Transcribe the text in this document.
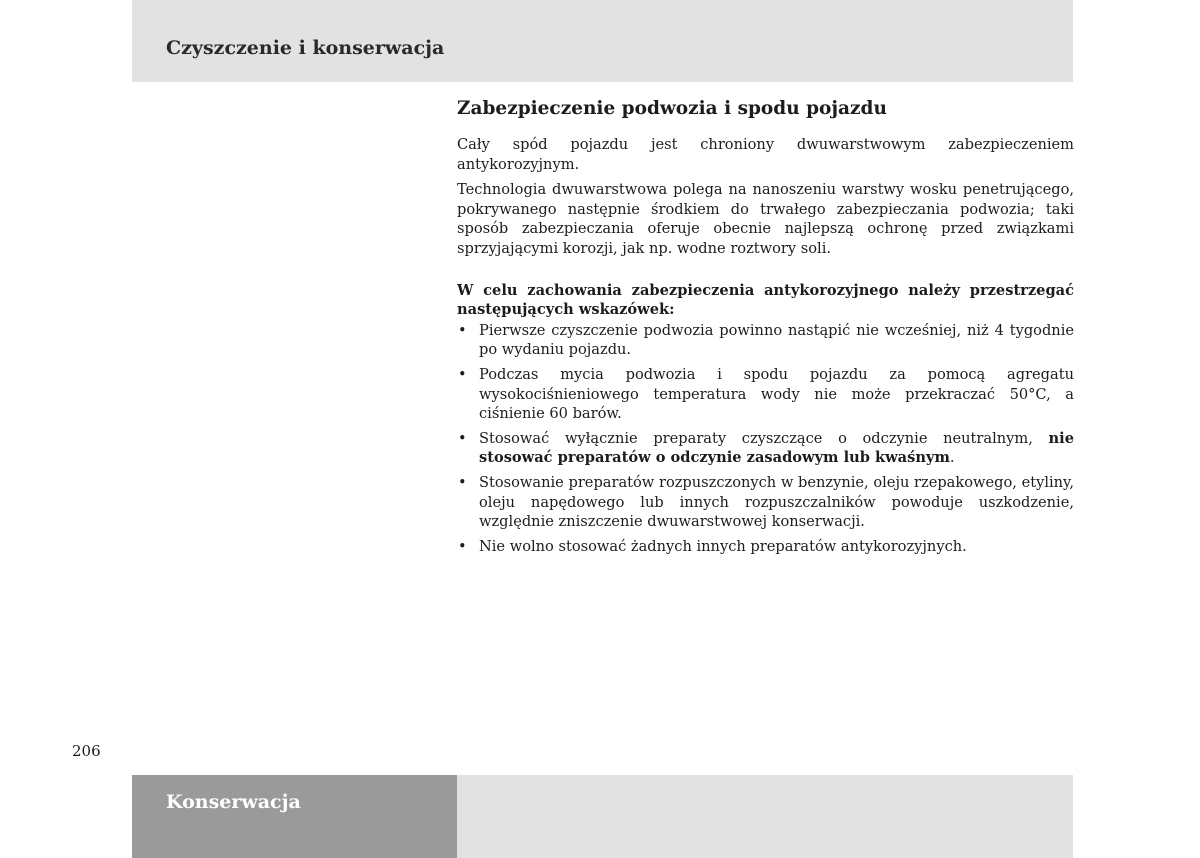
Czyszczenie i konserwacja
Zabezpieczenie podwozia i spodu pojazdu

Cały spód pojazdu jest chroniony dwuwarstwowym zabezpieczeniem antykorozyjnym.

Technologia dwuwarstwowa polega na nanoszeniu warstwy wosku penetrującego, pokrywanego następnie środkiem do trwałego zabezpieczania podwozia; taki sposób zabezpieczania oferuje obecnie najlepszą ochronę przed związkami sprzyjającymi korozji, jak np. wodne roztwory soli.

W celu zachowania zabezpieczenia antykorozyjnego należy przestrzegać następujących wskazówek:

• Pierwsze czyszczenie podwozia powinno nastąpić nie wcześniej, niż 4 tygodnie po wydaniu pojazdu.
• Podczas mycia podwozia i spodu pojazdu za pomocą agregatu wysokociśnieniowego temperatura wody nie może przekraczać 50°C, a ciśnienie 60 barów.
• Stosować wyłącznie preparaty czyszczące o odczynie neutralnym, nie stosować preparatów o odczynie zasadowym lub kwaśnym.
• Stosowanie preparatów rozpuszczonych w benzynie, oleju rzepakowego, etyliny, oleju napędowego lub innych rozpuszczalników powoduje uszkodzenie, względnie zniszczenie dwuwarstwowej konserwacji.
• Nie wolno stosować żadnych innych preparatów antykorozyjnych.
206
Konserwacja
